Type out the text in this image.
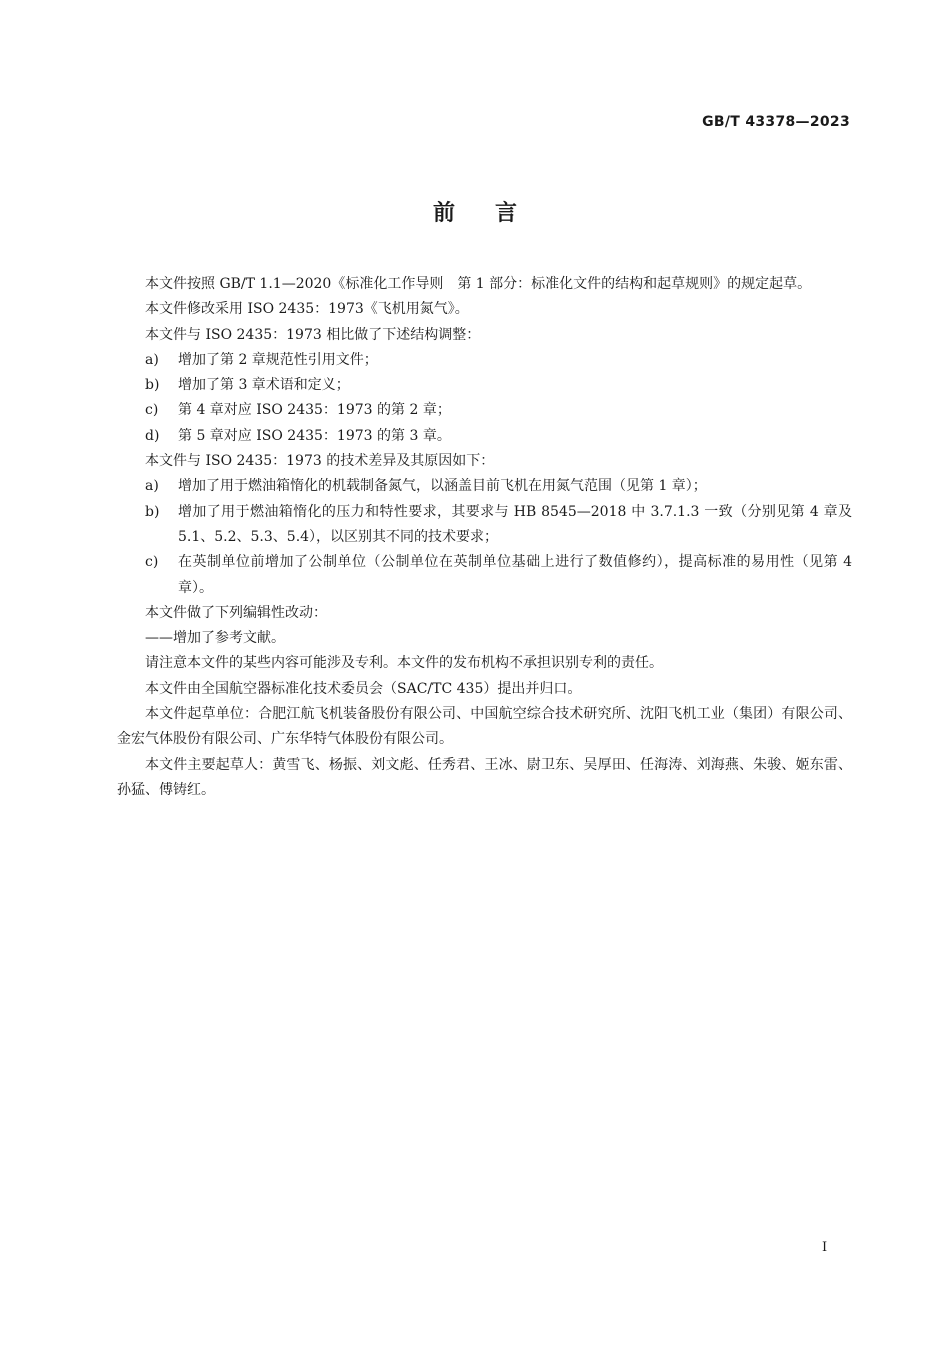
GB/T 43378—2023
前言

本文件按照 GB/T 1.1—2020《标准化工作导则　第 1 部分：标准化文件的结构和起草规则》的规定起草。

本文件修改采用 ISO 2435：1973《飞机用氮气》。

本文件与 ISO 2435：1973 相比做了下述结构调整：

a)	增加了第 2 章规范性引用文件；
b)	增加了第 3 章术语和定义；
c)	第 4 章对应 ISO 2435：1973 的第 2 章；
d)	第 5 章对应 ISO 2435：1973 的第 3 章。

本文件与 ISO 2435：1973 的技术差异及其原因如下：

a)	增加了用于燃油箱惰化的机载制备氮气，以涵盖目前飞机在用氮气范围（见第 1 章）；
b)	增加了用于燃油箱惰化的压力和特性要求，其要求与 HB 8545—2018 中 3.7.1.3 一致（分别见第 4 章及 5.1、5.2、5.3、5.4），以区别其不同的技术要求；
c)	在英制单位前增加了公制单位（公制单位在英制单位基础上进行了数值修约），提高标准的易用性（见第 4 章）。

本文件做了下列编辑性改动：

——增加了参考文献。

请注意本文件的某些内容可能涉及专利。本文件的发布机构不承担识别专利的责任。

本文件由全国航空器标准化技术委员会（SAC/TC 435）提出并归口。

本文件起草单位：合肥江航飞机装备股份有限公司、中国航空综合技术研究所、沈阳飞机工业（集团）有限公司、金宏气体股份有限公司、广东华特气体股份有限公司。

本文件主要起草人：黄雪飞、杨振、刘文彪、任秀君、王冰、尉卫东、吴厚田、任海涛、刘海燕、朱骏、姬东雷、孙猛、傅铸红。

I
